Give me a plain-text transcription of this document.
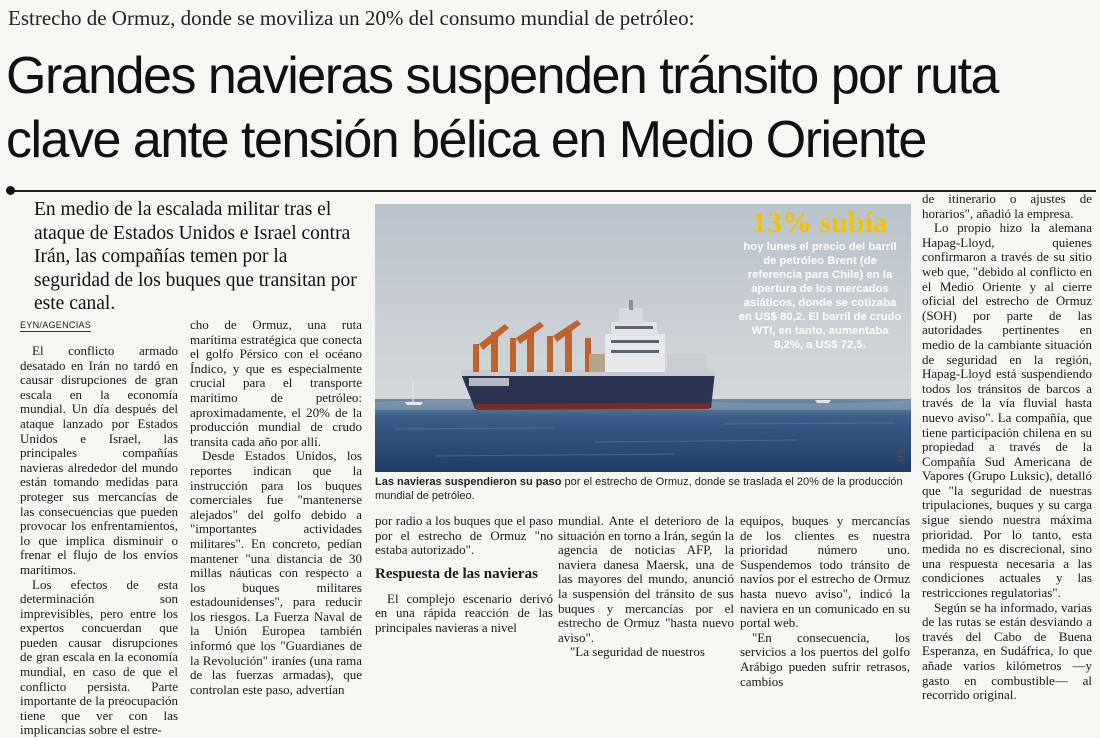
Estrecho de Ormuz, donde se moviliza un 20% del consumo mundial de petróleo:
Grandes navieras suspenden tránsito por ruta clave ante tensión bélica en Medio Oriente

En medio de la escalada militar tras el ataque de Estados Unidos e Israel contra Irán, las compañías temen por la seguridad de los buques que transitan por este canal.

EYN/AGENCIAS

El conflicto armado desatado en Irán no tardó en causar disrupciones de gran escala en la economía mundial. Un día después del ataque lanzado por Estados Unidos e Israel, las principales compañías navieras alrededor del mundo están tomando medidas para proteger sus mercancías de las consecuencias que pueden provocar los enfrentamientos, lo que implica disminuir o frenar el flujo de los envíos marítimos.

Los efectos de esta determinación son imprevisibles, pero entre los expertos concuerdan que pueden causar disrupciones de gran escala en la economía mundial, en caso de que el conflicto persista. Parte importante de la preocupación tiene que ver con las implicancias sobre el estre-

cho de Ormuz, una ruta marítima estratégica que conecta el golfo Pérsico con el océano Índico, y que es especialmente crucial para el transporte marítimo de petróleo: aproximadamente, el 20% de la producción mundial de crudo transita cada año por allí.

Desde Estados Unidos, los reportes indican que la instrucción para los buques comerciales fue "mantenerse alejados" del golfo debido a "importantes actividades militares". En concreto, pedían mantener "una distancia de 30 millas náuticas con respecto a los buques militares estadounidenses", para reducir los riesgos. La Fuerza Naval de la Unión Europea también informó que los "Guardianes de la Revolución" iraníes (una rama de las fuerzas armadas), que controlan este paso, advertían

por radio a los buques que el paso por el estrecho de Ormuz "no estaba autorizado".

Respuesta de las navieras

El complejo escenario derivó en una rápida reacción de las principales navieras a nivel

mundial. Ante el deterioro de la situación en torno a Irán, según la agencia de noticias AFP, la naviera danesa Maersk, una de las mayores del mundo, anunció la suspensión del tránsito de sus buques y mercancías por el estrecho de Ormuz "hasta nuevo aviso".

"La seguridad de nuestros

equipos, buques y mercancías de los clientes es nuestra prioridad número uno. Suspendemos todo tránsito de navíos por el estrecho de Ormuz hasta nuevo aviso", indicó la naviera en un comunicado en su portal web.

"En consecuencia, los servicios a los puertos del golfo Arábigo pueden sufrir retrasos, cambios

de itinerario o ajustes de horarios", añadió la empresa.

Lo propio hizo la alemana Hapag-Lloyd, quienes confirmaron a través de su sitio web que, "debido al conflicto en el Medio Oriente y al cierre oficial del estrecho de Ormuz (SOH) por parte de las autoridades pertinentes en medio de la cambiante situación de seguridad en la región, Hapag-Lloyd está suspendiendo todos los tránsitos de barcos a través de la vía fluvial hasta nuevo aviso". La compañía, que tiene participación chilena en su propiedad a través de la Compañía Sud Americana de Vapores (Grupo Luksic), detalló que "la seguridad de nuestras tripulaciones, buques y su carga sigue siendo nuestra máxima prioridad. Por lo tanto, esta medida no es discrecional, sino una respuesta necesaria a las condiciones actuales y las restricciones regulatorias".

Según se ha informado, varias de las rutas se están desviando a través del Cabo de Buena Esperanza, en Sudáfrica, lo que añade varios kilómetros —y gasto en combustible— al recorrido original.

13% subía
hoy lunes el precio del barril de petróleo Brent (de referencia para Chile) en la apertura de los mercados asiáticos, donde se cotizaba en US$ 80,2. El barril de crudo WTI, en tanto, aumentaba 8,2%, a US$ 72,5.
EFE
Las navieras suspendieron su paso por el estrecho de Ormuz, donde se traslada el 20% de la producción mundial de petróleo.
